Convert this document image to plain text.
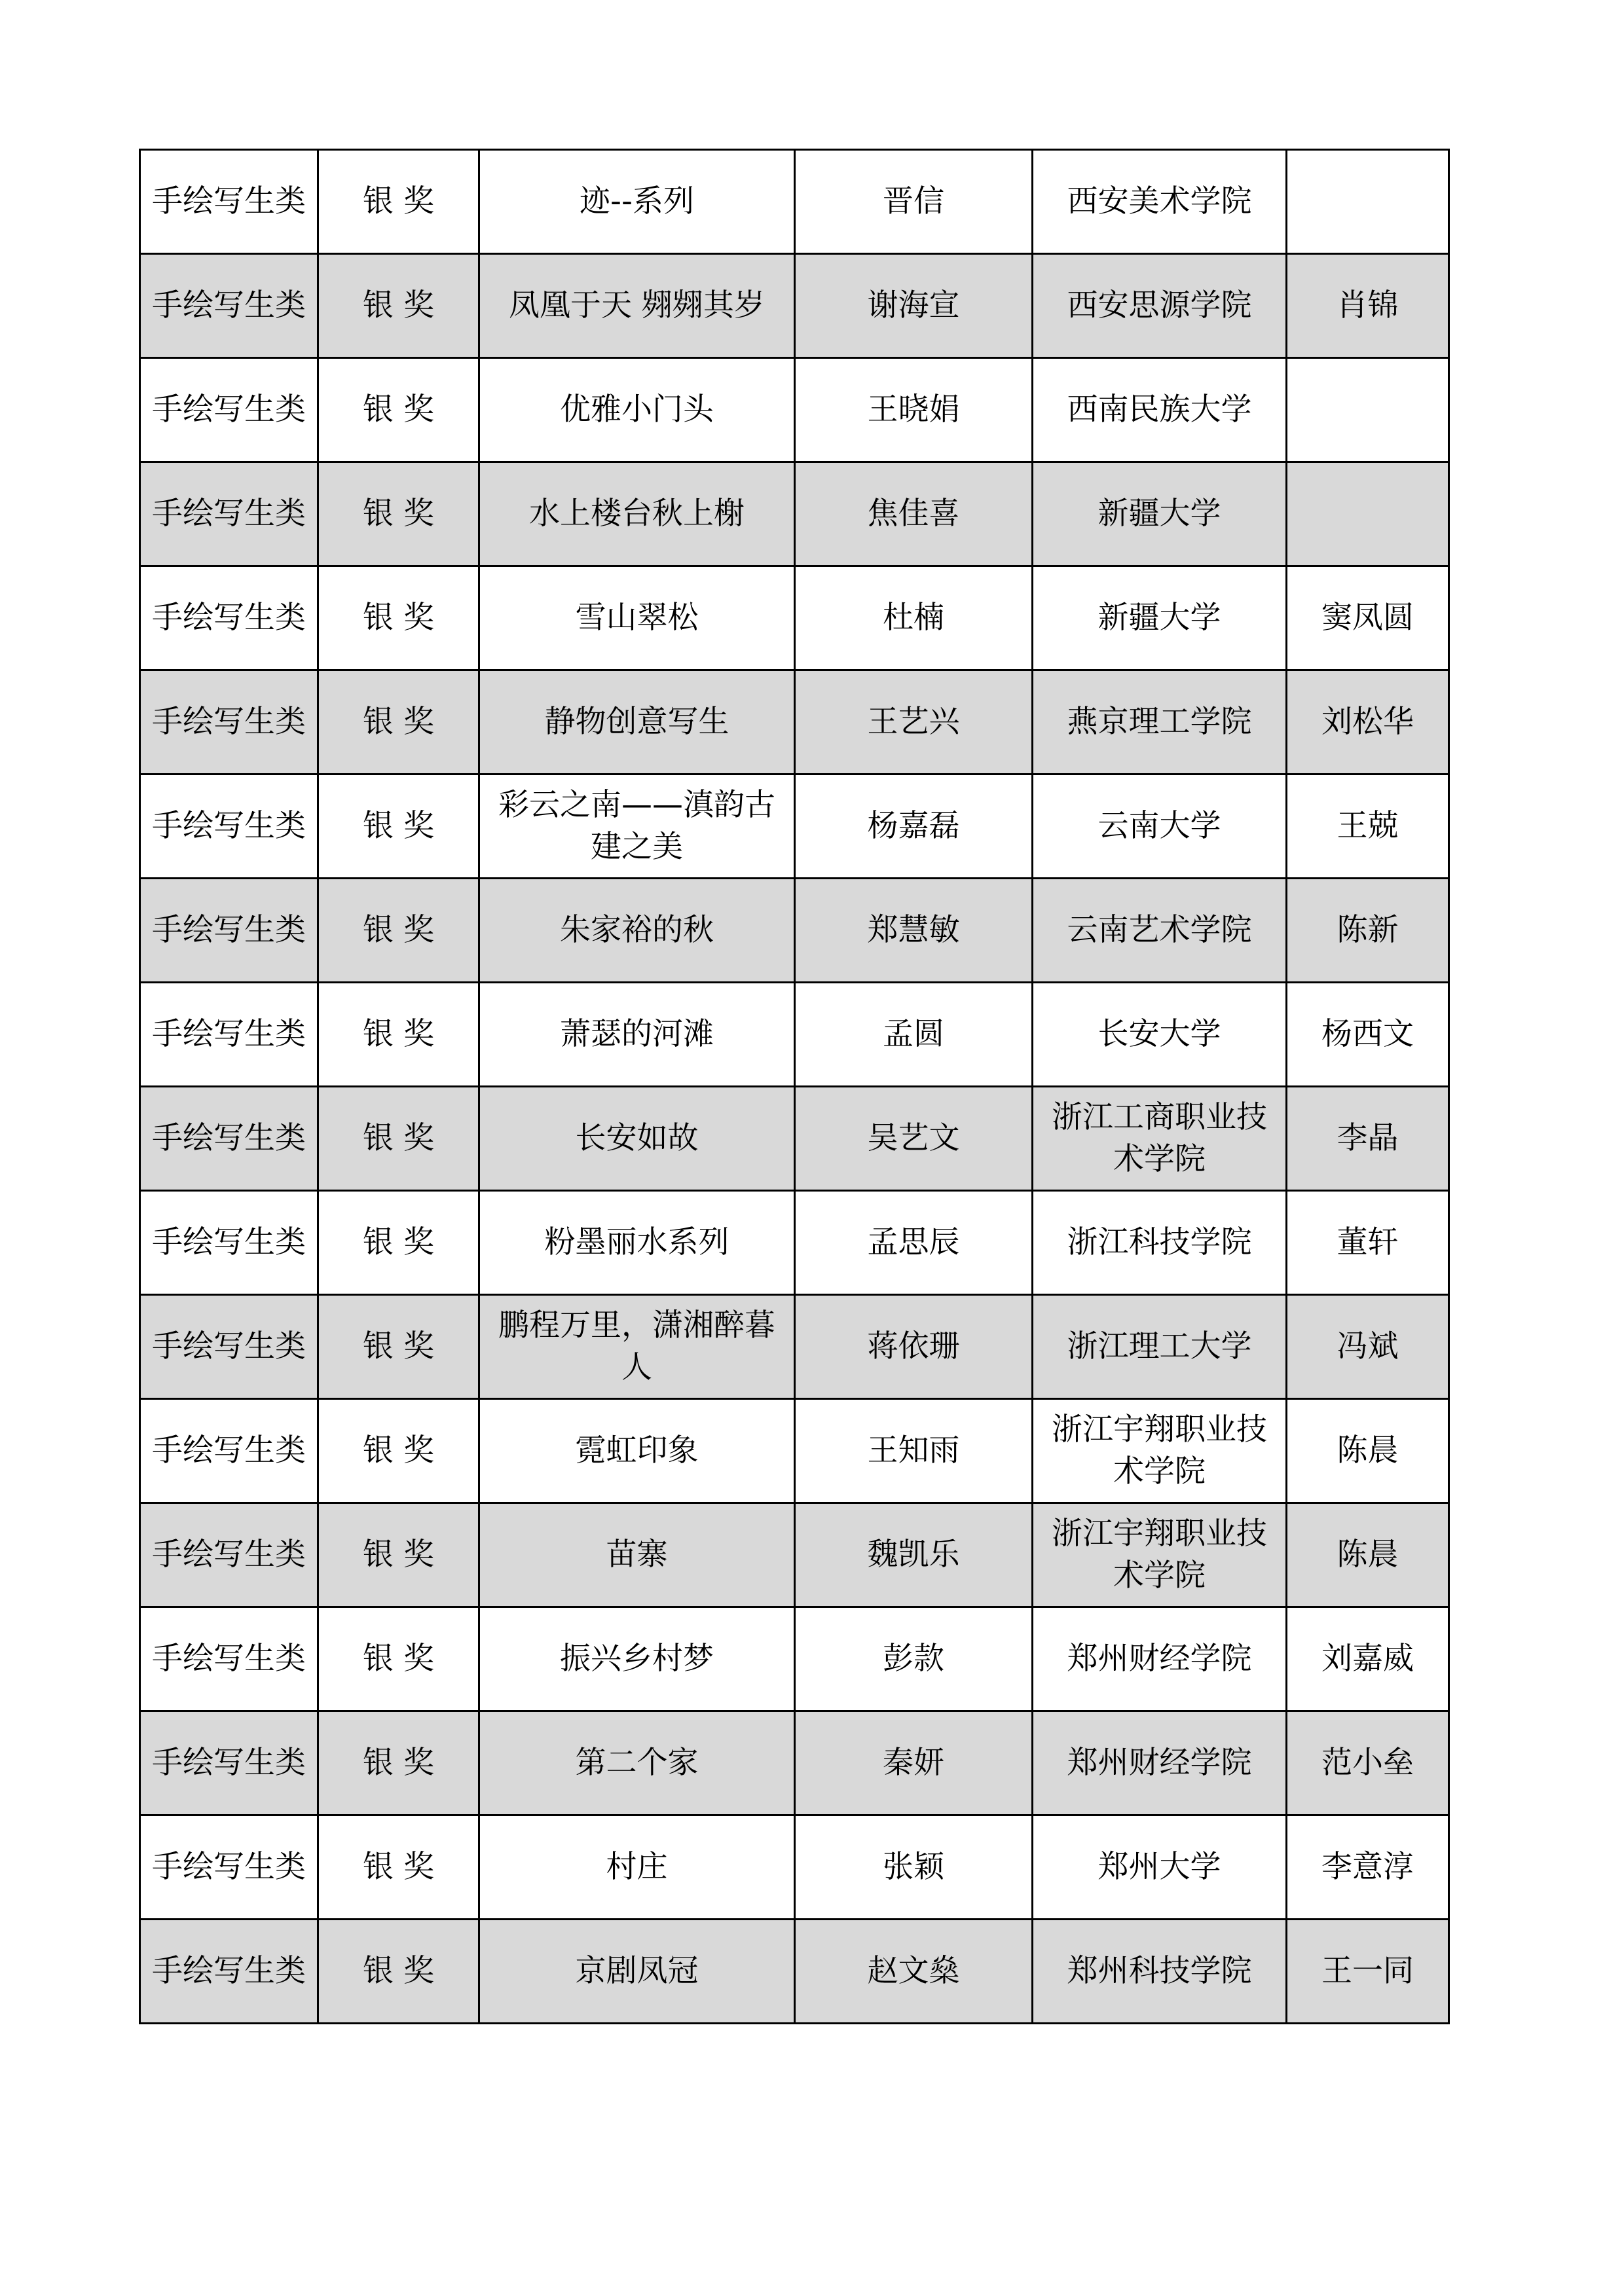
手绘写生类	银 奖	迹--系列	晋信	西安美术学院	
手绘写生类	银 奖	凤凰于天 翙翙其岁	谢海宣	西安思源学院	肖锦
手绘写生类	银 奖	优雅小门头	王晓娟	西南民族大学	
手绘写生类	银 奖	水上楼台秋上榭	焦佳喜	新疆大学	
手绘写生类	银 奖	雪山翠松	杜楠	新疆大学	窦凤圆
手绘写生类	银 奖	静物创意写生	王艺兴	燕京理工学院	刘松华
手绘写生类	银 奖	彩云之南——滇韵古建之美	杨嘉磊	云南大学	王兢
手绘写生类	银 奖	朱家裕的秋	郑慧敏	云南艺术学院	陈新
手绘写生类	银 奖	萧瑟的河滩	孟圆	长安大学	杨西文
手绘写生类	银 奖	长安如故	吴艺文	浙江工商职业技术学院	李晶
手绘写生类	银 奖	粉墨丽水系列	孟思辰	浙江科技学院	董轩
手绘写生类	银 奖	鹏程万里，潇湘醉暮人	蒋依珊	浙江理工大学	冯斌
手绘写生类	银 奖	霓虹印象	王知雨	浙江宇翔职业技术学院	陈晨
手绘写生类	银 奖	苗寨	魏凯乐	浙江宇翔职业技术学院	陈晨
手绘写生类	银 奖	振兴乡村梦	彭款	郑州财经学院	刘嘉威
手绘写生类	银 奖	第二个家	秦妍	郑州财经学院	范小垒
手绘写生类	银 奖	村庄	张颖	郑州大学	李意淳
手绘写生类	银 奖	京剧凤冠	赵文燊	郑州科技学院	王一同
